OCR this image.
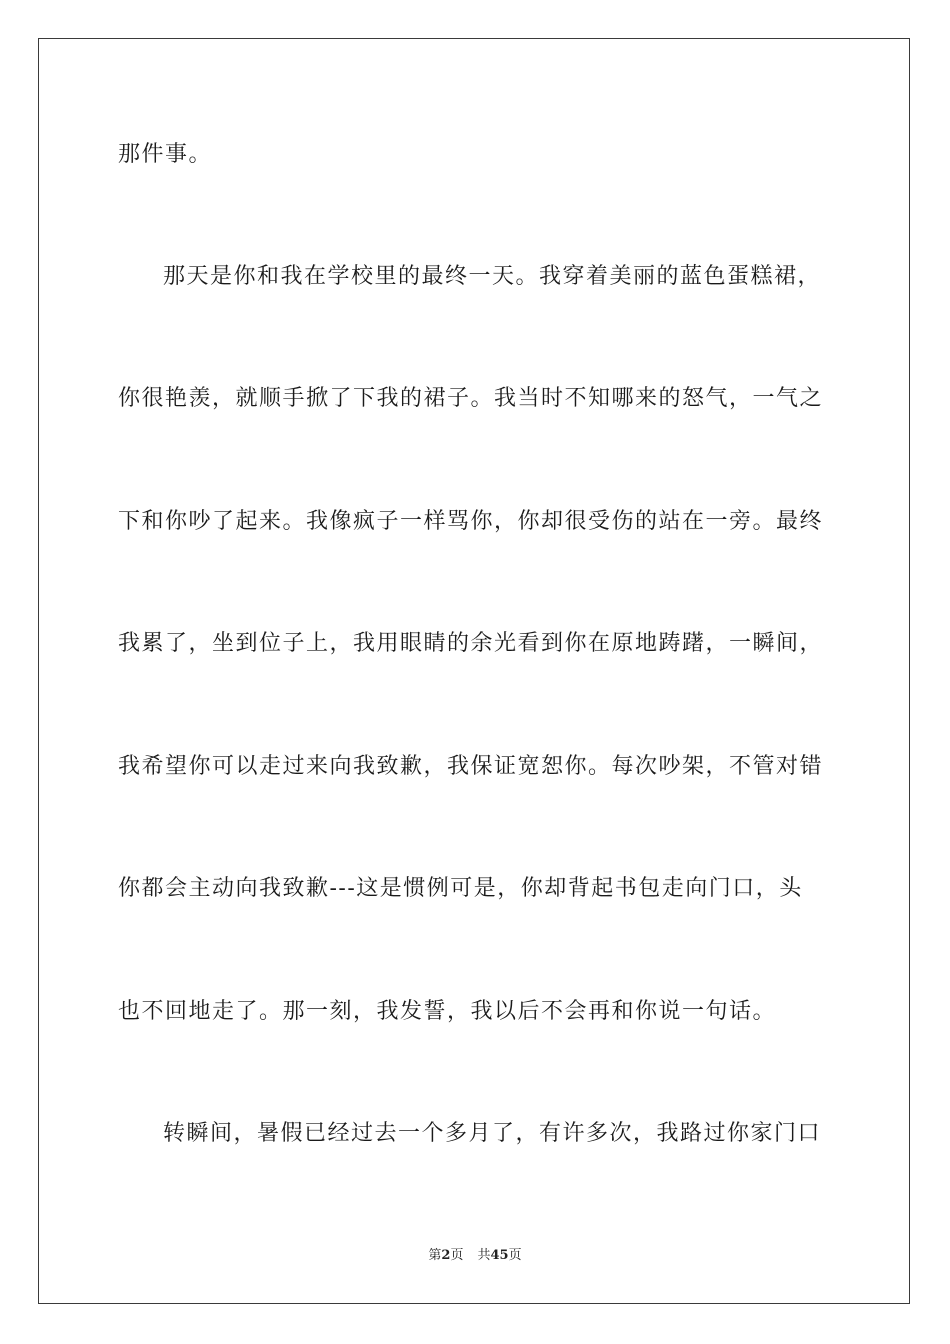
那件事。
那天是你和我在学校里的最终一天。我穿着美丽的蓝色蛋糕裙，
你很艳羡，就顺手掀了下我的裙子。我当时不知哪来的怒气，一气之
下和你吵了起来。我像疯子一样骂你，你却很受伤的站在一旁。最终
我累了，坐到位子上，我用眼睛的余光看到你在原地踌躇，一瞬间，
我希望你可以走过来向我致歉，我保证宽恕你。每次吵架，不管对错
你都会主动向我致歉---这是惯例可是，你却背起书包走向门口，头
也不回地走了。那一刻，我发誓，我以后不会再和你说一句话。
转瞬间，暑假已经过去一个多月了，有许多次，我路过你家门口
第2页 共45页
